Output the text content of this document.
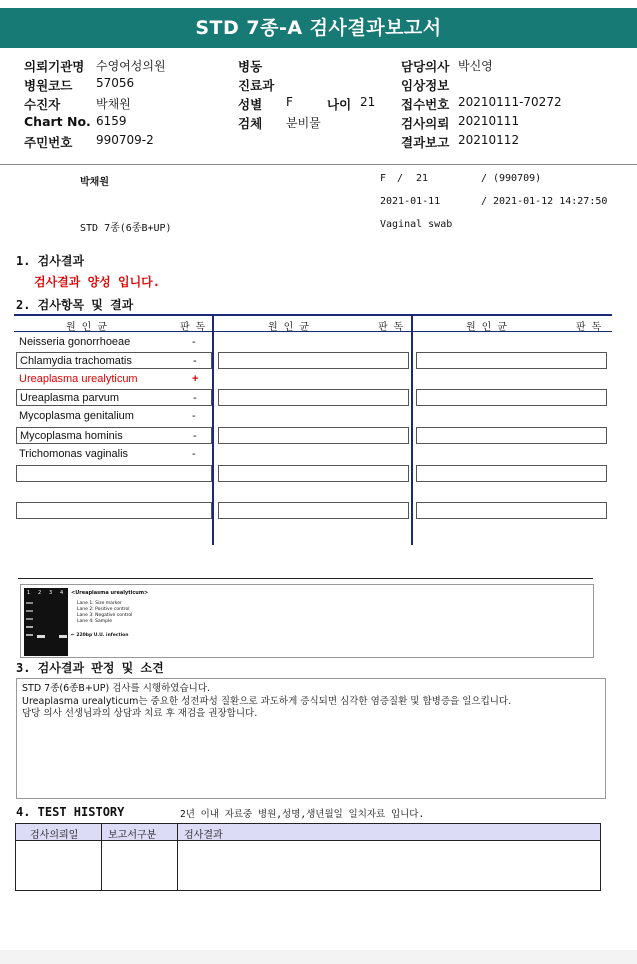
STD 7종-A 검사결과보고서
의뢰기관명 수영여성의원
병원코드 57056
수진자	박채원
Chart No. 6159
주민번호 990709-2
병동
진료과
성별 F	나이 21
검체 분비물
담당의사 박신영
임상정보
접수번호 20210111-70272
검사의뢰 20210111
결과보고 20210112
박채원	F / 21	/ (990709)
2021-01-11	/ 2021-01-12 14:27:50
STD 7종(6종B+UP)	Vaginal swab
1. 검사결과
검사결과 양성 입니다.
2. 검사항목 및 결과
원 인 균	판 독	원 인 균	판 독	원 인 균	판 독
Neisseria gonorrhoeae	-
Chlamydia trachomatis	-
Ureaplasma urealyticum	+
Ureaplasma parvum	-
Mycoplasma genitalium	-
Mycoplasma hominis	-
Trichomonas vaginalis	-
1 2 3 4 <Ureaplasma urealyticum>
Lane 1: Size marker
Lane 2: Positive control
Lane 3: Negative control
Lane 4: Sample
← 220bp U.U. infection
3. 검사결과 판정 및 소견
STD 7종(6종B+UP) 검사를 시행하였습니다.
Ureaplasma urealyticum는 중요한 성전파성 질환으로 과도하게 증식되면 심각한 염증질환 및 합병증을 일으킵니다.
담당 의사 선생님과의 상담과 치료 후 재검을 권장합니다.
4. TEST HISTORY	2년 이내 자료중 병원,성명,생년월일 일치자료 입니다.
검사의뢰일	보고서구분	검사결과
